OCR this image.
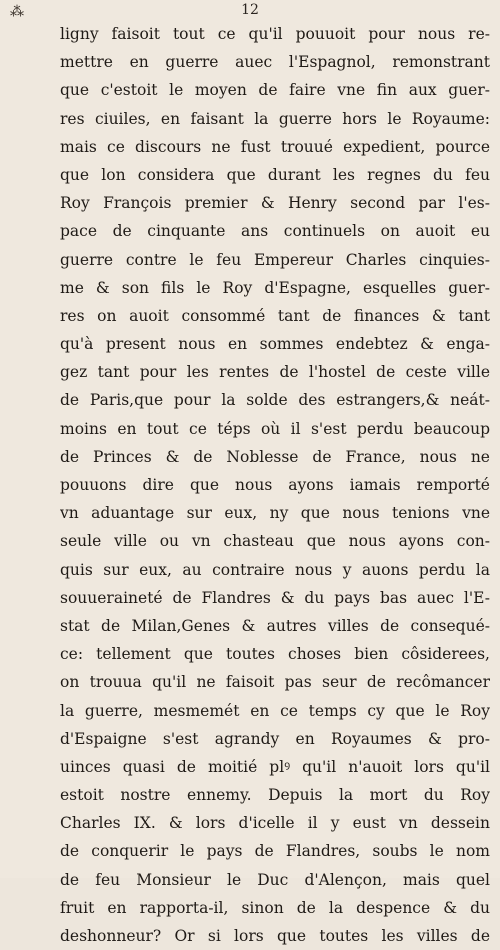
⁂	12
ligny faisoit tout ce qu'il pouuoit pour nous re-
mettre en guerre auec l'Espagnol, remonstrant
que c'estoit le moyen de faire vne fin aux guer-
res ciuiles, en faisant la guerre hors le Royaume:
mais ce discours ne fust trouué expedient, pource
que lon considera que durant les regnes du feu
Roy François premier & Henry second par l'es-
pace de cinquante ans continuels on auoit eu
guerre contre le feu Empereur Charles cinquies-
me & son fils le Roy d'Espagne, esquelles guer-
res on auoit consommé tant de finances & tant
qu'à present nous en sommes endebtez & enga-
gez tant pour les rentes de l'hostel de ceste ville
de Paris,que pour la solde des estrangers,& neát-
moins en tout ce téps où il s'est perdu beaucoup
de Princes & de Noblesse de France, nous ne
pouuons dire que nous ayons iamais remporté
vn aduantage sur eux, ny que nous tenions vne
seule ville ou vn chasteau que nous ayons con-
quis sur eux, au contraire nous y auons perdu la
souueraineté de Flandres & du pays bas auec l'E-
stat de Milan,Genes & autres villes de consequé-
ce: tellement que toutes choses bien côsiderees,
on trouua qu'il ne faisoit pas seur de recômancer
la guerre, mesmemét en ce temps cy que le Roy
d'Espaigne s'est agrandy en Royaumes & pro-
uinces quasi de moitié plꝰ qu'il n'auoit lors qu'il
estoit nostre ennemy. Depuis la mort du Roy
Charles IX. & lors d'icelle il y eust vn dessein
de conquerir le pays de Flandres, soubs le nom
de feu Monsieur le Duc d'Alençon, mais quel
fruit en rapporta-il, sinon de la despence & du
deshonneur? Or si lors que toutes les villes de
